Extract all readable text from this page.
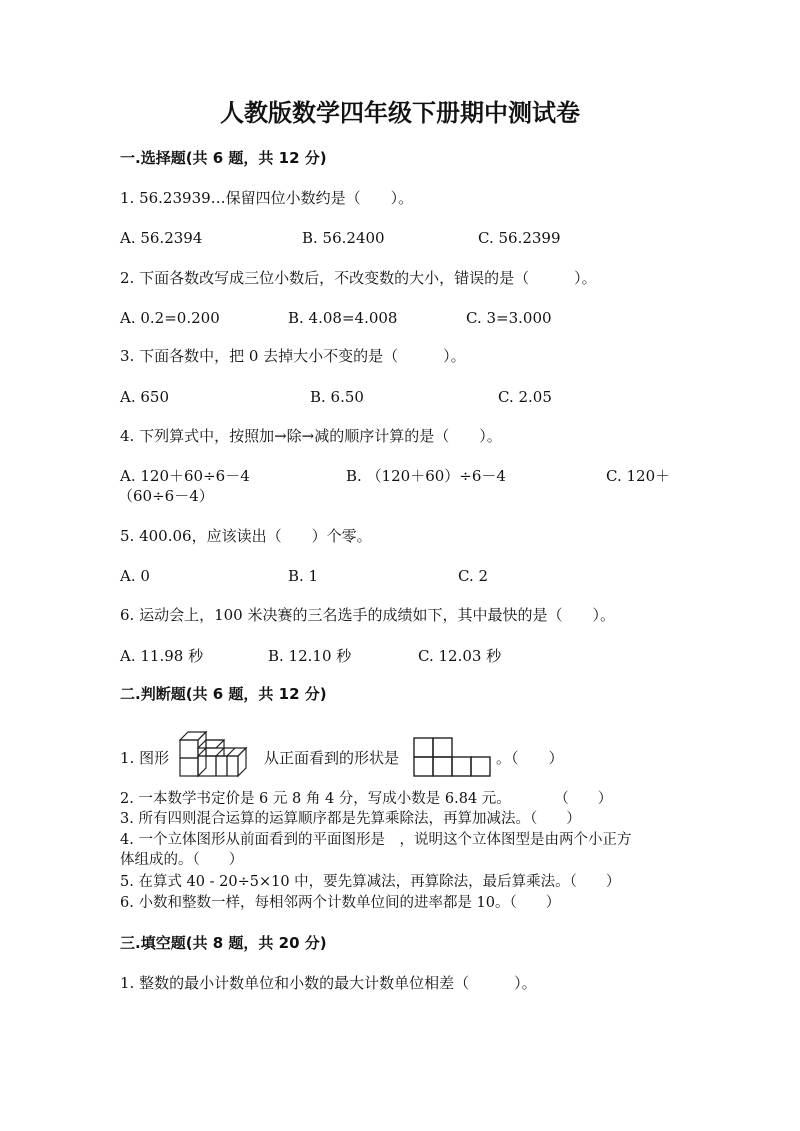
人教版数学四年级下册期中测试卷
一.选择题(共 6 题，共 12 分)
1. 56.23939…保留四位小数约是（　　）。
A. 56.2394	B. 56.2400	C. 56.2399
2. 下面各数改写成三位小数后，不改变数的大小，错误的是（　　　）。
A. 0.2=0.200	B. 4.08=4.008	C. 3=3.000
3. 下面各数中，把 0 去掉大小不变的是（　　　）。
A. 650	B. 6.50	C. 2.05
4. 下列算式中，按照加→除→减的顺序计算的是（　　）。
A. 120＋60÷6－4	B. （120＋60）÷6－4	C. 120＋
（60÷6－4）
5. 400.06，应该读出（　　）个零。
A. 0	B. 1	C. 2
6. 运动会上，100 米决赛的三名选手的成绩如下，其中最快的是（　　）。
A. 11.98 秒	B. 12.10 秒	C. 12.03 秒
二.判断题(共 6 题，共 12 分)
1. 图形	从正面看到的形状是	。（　　）
2. 一本数学书定价是 6 元 8 角 4 分，写成小数是 6.84 元。　　　　（　　）
3. 所有四则混合运算的运算顺序都是先算乘除法，再算加减法。（　　）
4. 一个立体图形从前面看到的平面图形是　，说明这个立体图型是由两个小正方
体组成的。（　　）
5. 在算式 40 - 20÷5×10 中，要先算减法，再算除法，最后算乘法。（　　）
6. 小数和整数一样，每相邻两个计数单位间的进率都是 10。（　　）
三.填空题(共 8 题，共 20 分)
1. 整数的最小计数单位和小数的最大计数单位相差（　　　）。
